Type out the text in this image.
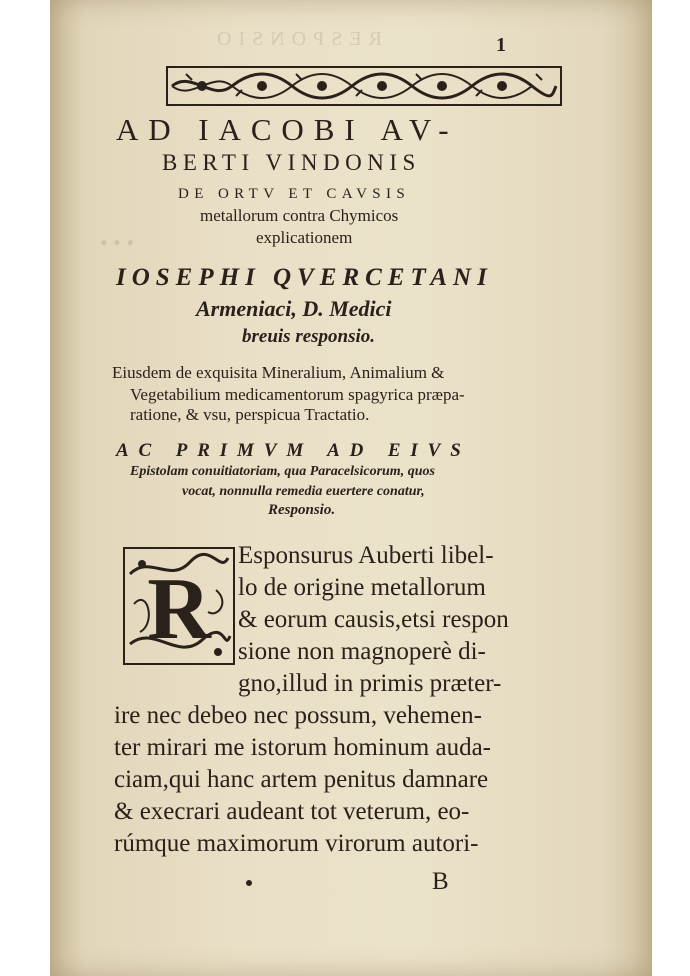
RESPONSIO
• • •
1
AD IACOBI AV-
BERTI VINDONIS
DE ORTV ET CAVSIS
metallorum contra Chymicos
explicationem
IOSEPHI QVERCETANI
Armeniaci, D. Medici
breuis responsio.
Eiusdem de exquisita Mineralium, Animalium &
Vegetabilium medicamentorum spagyrica præpa-
ratione, & vsu, perspicua Tractatio.
AC PRIMVM AD EIVS
Epistolam conuitiatoriam, qua Paracelsicorum, quos
vocat, nonnulla remedia euertere conatur,
Responsio.
R
Esponsurus Auberti libel-
lo de origine metallorum
& eorum causis,etsi respon
sione non magnoperè di-
gno,illud in primis præter-
ire nec debeo nec possum, vehemen-
ter mirari me istorum hominum auda-
ciam,qui hanc artem penitus damnare
& execrari audeant tot veterum, eo-
rúmque maximorum virorum autori-
B
